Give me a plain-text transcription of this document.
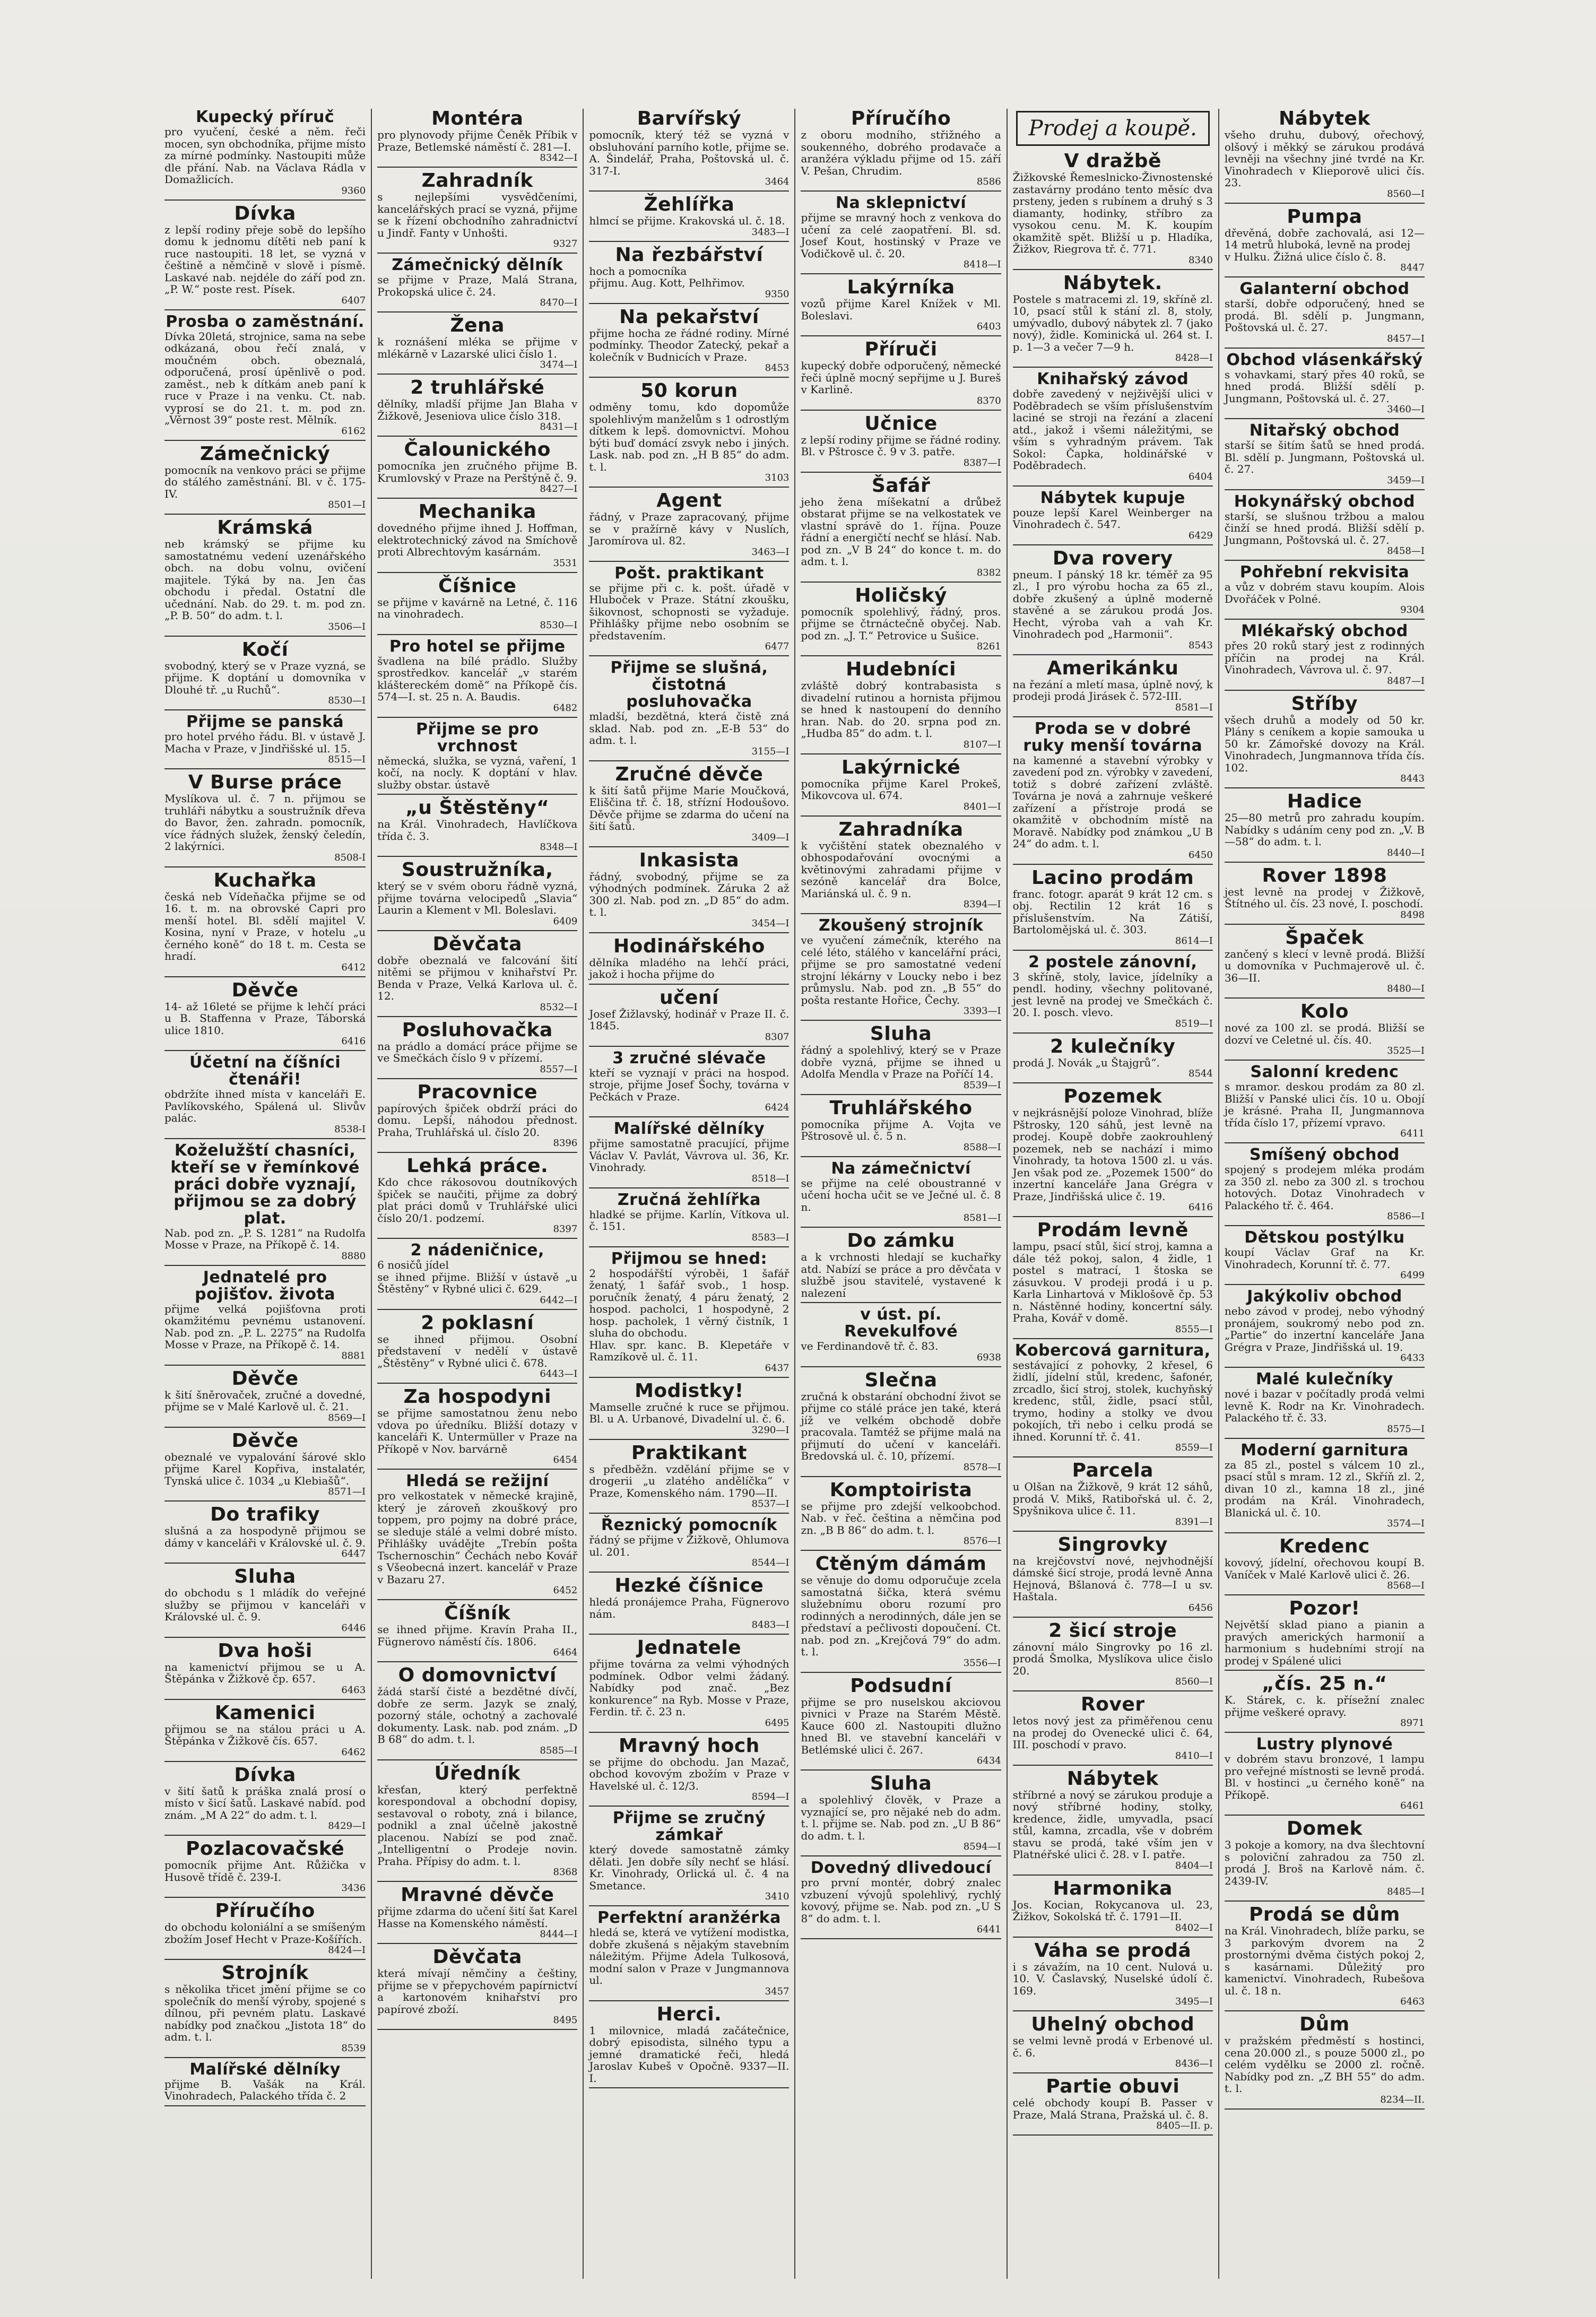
Kupecký příruč

pro vyučení, české a něm. řeči mocen, syn obchodníka, přijme místo za mírné podmínky. Nastoupiti může dle přání. Nab. na Václava Rádla v Domažlicích.

9360
Dívka

z lepší rodiny přeje sobě do lepšího domu k jednomu dítěti neb paní k ruce nastoupiti. 18 let, se vyzná v češtině a němčině v slově i písmě. Laskavé nab. nejdéle do září pod zn. „P. W.“ poste rest. Písek.

6407
Prosba o zaměstnání.

Dívka 20letá, strojnice, sama na sebe odkázaná, obou řečí znalá, v moučném obch. obeznalá, odporučená, prosí úpěnlivě o pod. zaměst., neb k dítkám aneb paní k ruce v Praze i na venku. Ct. nab. vyprosí se do 21. t. m. pod zn. „Věrnost 39“ poste rest. Mělník.

6162
Zámečnický

pomocník na venkovo práci se přijme do stálého zaměstnání. Bl. v č. 175-IV.

8501—I
Krámská

neb krámský se přijme ku samostatnému vedení uzenářského obch. na dobu volnu, ovičení majitele. Týká by na. Jen čas obchodu i předal. Ostatní dle učednání. Nab. do 29. t. m. pod zn. „P. B. 50“ do adm. t. l.

3506—I
Kočí

svobodný, který se v Praze vyzná, se přijme. K doptání u domovníka v Dlouhé tř. „u Ruchů“.

8530—I
Přijme se panská

pro hotel prvého řádu. Bl. v ústavě J. Macha v Praze, v Jindřišské ul. 15.

8515—I
V Burse práce

Myslíkova ul. č. 7 n. přijmou se truhláři nábytku a soustružník dřeva do Bavor, žen. zahradn. pomocník, více řádných služek, ženský čeledín, 2 lakýrníci.

8508-I
Kuchařka

česká neb Vídeňačka přijme se od 16. t. m. na obrovské Capri pro menší hotel. Bl. sdělí majitel V. Kosina, nyní v Praze, v hotelu „u černého koně“ do 18 t. m. Cesta se hradí.

6412
Děvče

14- až 16leté se přijme k lehčí práci u B. Staffenna v Praze, Táborská ulice 1810.

6416
Účetní na číšníci čtenáři!

obdržíte ihned místa v kanceláři E. Pavlíkovského, Spálená ul. Slivův palác.

8538-I
Koželužští chasníci, kteří se v řemínkové práci dobře vyznají, přijmou se za dobrý plat.

Nab. pod zn. „P. S. 1281“ na Rudolfa Mosse v Praze, na Příkopě č. 14.

8880
Jednatelé pro pojišťov. života

přijme velká pojišťovna proti okamžitému pevnému ustanovení. Nab. pod zn. „P. L. 2275“ na Rudolfa Mosse v Praze, na Příkopě č. 14.

8881
Děvče

k šití šněrovaček, zručné a dovedné, přijme se v Malé Karlově ul. č. 21.

8569—I
Děvče

obeznalé ve vypalování šárové sklo přijme Karel Kopřiva, instalatér, Tynská ulice č. 1034 „u Klebiašů“.

8571—I
Do trafiky

slušná a za hospodyně přijmou se dámy v kanceláři v Královské ul. č. 9.

6447
Sluha

do obchodu s 1 mládík do veřejné služby se přijmou v kanceláři v Královské ul. č. 9.

6446
Dva hoši

na kamenictví přijmou se u A. Štěpánka v Žižkově čp. 657.

6463
Kamenici

přijmou se na stálou práci u A. Štěpánka v Žižkově čís. 657.

6462
Dívka

v šití šatů k práška znalá prosí o místo v šicí šatů. Laskavé nabíd. pod znám. „M A 22“ do adm. t. l.

8429—I
Pozlacovačské

pomocník přijme Ant. Růžička v Husově třídě č. 239-I.

3436
Příručího

do obchodu koloniální a se smíšeným zbožím Josef Hecht v Praze-Košířích.

8424—I
Strojník

s několika třicet jmění přijme se co společník do menší výroby, spojené s dílnou, při pevném platu. Laskavé nabídky pod značkou „Jistota 18“ do adm. t. l.

8539
Malířské dělníky

přijme B. Vašák na Král. Vinohradech, Palackého třída č. 2

Montéra

pro plynovody přijme Čeněk Příbik v Praze, Betlemské náměstí č. 281—I.

8342—I
Zahradník

s nejlepšími vysvědčeními, kancelářských prací se vyzná, přijme se k řízení obchodního zahradnictví u Jindř. Fanty v Unhošti.

9327
Zámečnický dělník

se přijme v Praze, Malá Strana, Prokopská ulice č. 24.

8470—I
Žena

k roznášení mléka se přijme v mlékárně v Lazarské ulici číslo 1.

3474—I
2 truhlářské

dělníky, mladší přijme Jan Blaha v Žižkově, Jeseniova ulice číslo 318.

8431—I
Čalounického

pomocníka jen zručného přijme B. Krumlovský v Praze na Perštýně č. 9.

8427—I
Mechanika

dovedného přijme ihned J. Hoffman, elektrotechnický závod na Smíchově proti Albrechtovým kasárnám.

3531
Číšnice

se přijme v kavárně na Letné, č. 116 na vinohradech.

8530—I
Pro hotel se přijme

švadlena na bílé prádlo. Služby sprostředkov. kancelář „v starém kláštereckém domě“ na Příkopě čís. 574—I. st. 25 n. A. Baudis.

6482
Přijme se pro vrchnost

německá, služka, se vyzná, vaření, 1 kočí, na nocly. K doptání v hlav. služby obstar. ústavě

„u Štěstěny“

na Král. Vinohradech, Havlíčkova třída č. 3.

8348—I
Soustružníka,

který se v svém oboru řádně vyzná, přijme továrna velocipedů „Slavia“ Laurin a Klement v Ml. Boleslavi.

6409
Děvčata

dobře obeznalá ve falcování šití nitěmi se přijmou v knihařství Pr. Benda v Praze, Velká Karlova ul. č. 12.

8532—I
Posluhovačka

na prádlo a domácí práce přijme se ve Smečkách číslo 9 v přízemí.

8557—I
Pracovnice

papírových špiček obdrží práci do domu. Lepší, náhodou přednost. Praha, Truhlářská ul. číslo 20.

8396
Lehká práce.

Kdo chce rákosovou doutníkových špiček se naučiti, přijme za dobrý plat práci domů v Truhlářské ulici číslo 20/1. podzemí.

8397
2 nádeničnice,

6 nosičů jídel

se ihned přijme. Bližší v ústavě „u Štěstěny“ v Rybné ulici č. 629.

6442—I
2 poklasní

se ihned přijmou. Osobní představení v nedělí v ústavě „Štěstěny“ v Rybné ulici č. 678.

6443—I
Za hospodyni

se přijme samostatnou ženu nebo vdova po úředníku. Bližší dotazy v kanceláři K. Untermüller v Praze na Příkopě v Nov. barvárně

6454
Hledá se režijní

pro velkostatek v německé krajině, který je zároveň zkouškový pro toppem, pro pojmy na dobré práce, se sleduje stálé a velmi dobré místo. Přihlášky uvádějte „Trebín pošta Tschernoschin“ Čechách nebo Kovář s Všeobecná inzert. kancelář v Praze v Bazaru 27.

6452
Číšník

se ihned přijme. Kravín Praha II., Fügnerovo náměstí čís. 1806.

6464
O domovnictví

žádá starší čisté a bezdětné dívčí, dobře ze serm. Jazyk se znalý, pozorný stále, ochotný a zachovalé dokumenty. Lask. nab. pod znám. „D B 68“ do adm. t. l.

8585—I
Úředník

křesťan, který perfektně korespondoval a obchodní dopisy, sestavoval o roboty, zná i bilance, podnikl a znal účelně jakostně placenou. Nabízí se pod znač. „Intelligentní o Prodeje novin. Praha. Přípisy do adm. t. l.

8368
Mravné děvče

přijme zdarma do učení šití šat Karel Hasse na Komenského náměstí.

8444—I
Děvčata

která mívají němčiny a češtiny, přijme se v přepychovém papírnictví a kartonovém knihařství pro papírové zboží.

8495
Barvířský

pomocník, který též se vyzná v obsluhování parního kotle, přijme se. A. Šindelář, Praha, Poštovská ul. č. 317-I.

3464
Žehlířka

hlmcí se přijme. Krakovská ul. č. 18.

3483—I
Na řezbářství

hoch a pomocníka

přijmu. Aug. Kott, Pelhřimov.

9350
Na pekařství

přijme hocha ze řádné rodiny. Mírné podmínky. Theodor Zatecký, pekař a kolečník v Budnicích v Praze.

8453
50 korun

odměny tomu, kdo dopomůže spolehlivým manželům s 1 odrostlým dítkem k lepš. domovnictví. Mohou býti buď domácí zsvyk nebo i jiných. Lask. nab. pod zn. „H B 85“ do adm. t. l.

3103
Agent

řádný, v Praze zapracovaný, přijme se v pražírně kávy v Nuslích, Jaromírova ul. 82.

3463—I
Pošt. praktikant

se přijme při c. k. pošt. úřadě v Hluboček v Praze. Státní zkoušku, šikovnost, schopnosti se vyžaduje. Přihlášky přijme nebo osobním se představením.

6477
Přijme se slušná, čistotná posluhovačka

mladší, bezdětná, která čistě zná sklad. Nab. pod zn. „E-B 53“ do adm. t. l.

3155—I
Zručné děvče

k šití šatů přijme Marie Moučková, Eliščina tř. č. 18, střízní Hodoušovo. Děvče přijme se zdarma do učení na šití šatů.

3409—I
Inkasista

řádný, svobodný, přijme se za výhodných podmínek. Záruka 2 až 300 zl. Nab. pod zn. „D 85“ do adm. t. l.

3454—I
Hodinářského

dělníka mladého na lehčí práci, jakož i hocha přijme do

učení

Josef Žižlavský, hodinář v Praze II. č. 1845.

8307
3 zručné slévače

kteří se vyznají v práci na hospod. stroje, přijme Josef Šochy, továrna v Pečkách v Praze.

6424
Malířské dělníky

přijme samostatně pracující, přijme Václav V. Pavlát, Vávrova ul. 36, Kr. Vinohrady.

8518—I
Zručná žehlířka

hladké se přijme. Karlín, Vítkova ul. č. 151.

8583—I
Přijmou se hned:

2 hospodářští výroběi, 1 šafář ženatý, 1 šafář svob., 1 hosp. poručník ženatý, 4 páru ženatý, 2 hospod. pacholci, 1 hospodyně, 2 hosp. pacholek, 1 věrný čistník, 1 sluha do obchodu.

Hlav. spr. kanc. B. Klepetáře v Ramzíkově ul. č. 11.

6437
Modistky!

Mamselle zručné k ruce se přijmou. Bl. u A. Urbanové, Divadelní ul. č. 6.

3290—I
Praktikant

s předběžn. vzdělání přijme se v drogerii „u zlatého andělíčka“ v Praze, Komenského nám. 1790—II.

8537—I
Řeznický pomocník

řádný se přijme v Žižkově, Ohlumova ul. 201.

8544—I
Hezké číšnice

hledá pronájemce Praha, Fügnerovo nám.

8483—I
Jednatele

přijme továrna za velmi výhodných podmínek. Odbor velmi žádaný. Nabídky pod znač. „Bez konkurence“ na Ryb. Mosse v Praze, Ferdin. tř. č. 23 n.

6495
Mravný hoch

se přijme do obchodu. Jan Mazač, obchod kovovým zbožím v Praze v Havelské ul. č. 12/3.

8594—I
Přijme se zručný zámkař

který dovede samostatně zámky dělati. Jen dobře síly nechť se hlásí. Kr. Vinohrady, Orlická ul. č. 4 na Smetance.

3410
Perfektní aranžérka

hledá se, která ve vytížení modistka, dobře zkušená s nějakým stavebním náležitým. Přijme Adela Tulkosová, modní salon v Praze v Jungmannova ul.

3457
Herci.

1 milovnice, mladá začátečnice, dobrý episodista, silného typu a jemné dramatické řeči, hledá Jaroslav Kubeš v Opočně. 9337—II. I.

Příručího

z oboru modního, střižného a soukenného, dobrého prodavače a aranžéra výkladu přijme od 15. září V. Pešan, Chrudim.

8586
Na sklepnictví

přijme se mravný hoch z venkova do učení za celé zaopatření. Bl. sd. Josef Kout, hostinský v Praze ve Vodičkově ul. č. 20.

8418—I
Lakýrníka

vozů přijme Karel Knížek v Ml. Boleslavi.

6403
Příruči

kupecký dobře odporučený, německé řeči úplně mocný sepřijme u J. Bureš v Karlině.

8370
Učnice

z lepší rodiny přijme se řádné rodiny. Bl. v Pštrosce č. 9 v 3. patře.

8387—I
Šafář

jeho žena míšekatní a drůbež obstarat přijme se na velkostatek ve vlastní správě do 1. října. Pouze řádní a energičtí nechť se hlásí. Nab. pod zn. „V B 24“ do konce t. m. do adm. t. l.

8382
Holičský

pomocník spolehlivý, řádný, pros. přijme se čtrnáctečně obyčej. Nab. pod zn. „J. T.“ Petrovice u Sušice.

8261
Hudebníci

zvláště dobrý kontrabasista s divadelní rutinou a hornista přijmou se hned k nastoupení do denního hran. Nab. do 20. srpna pod zn. „Hudba 85“ do adm. t. l.

8107—I
Lakýrnické

pomocníka přijme Karel Prokeš, Mikovcova ul. 674.

8401—I
Zahradníka

k vyčištění statek obeznalého v obhospodařování ovocnými a květinovými zahradami přijme v sezóně kancelář dra Bolce, Mariánská ul. č. 9 n.

8394—I
Zkoušený strojník

ve vyučení zámečník, kterého na celé léto, stálého v kancelářní práci, přijme se pro samostatné vedení strojní lékárny v Loucky nebo i bez průmyslu. Nab. pod zn. „B 55“ do pošta restante Hořice, Čechy.

3393—I
Sluha

řádný a spolehlivý, který se v Praze dobře vyzná, přijme se ihned u Adolfa Mendla v Praze na Poříčí 14.

8539—I
Truhlářského

pomocníka přijme A. Vojta ve Pštrosově ul. č. 5 n.

8588—I
Na zámečnictví

se přijme na celé oboustranné v učení hocha učit se ve Ječné ul. č. 8 n.

8581—I
Do zámku

a k vrchnosti hledají se kuchařky atd. Nabízí se práce a pro děvčata v službě jsou stavitelé, vystavené k nalezení

v úst. pí. Revekulfové

ve Ferdinandově tř. č. 83.

6938
Slečna

zručná k obstarání obchodní život se přijme co stálé práce jen také, která jíž ve velkém obchodě dobře pracovala. Tamtéž se přijme malá na přijmutí do učení v kanceláři. Bredovská ul. č. 10, přízemí.

8578—I
Komptoirista

se přijme pro zdejší velkoobchod. Nab. v řeč. čeština a němčina pod zn. „B B 86“ do adm. t. l.

8576—I
Ctěným dámám

se věnuje do domu odporučuje zcela samostatná šička, která svému služebnímu oboru rozumí pro rodinných a nerodinných, dále jen se představí a pečlivosti dopoučení. Ct. nab. pod zn. „Krejčová 79“ do adm. t. l.

3556—I
Podsudní

přijme se pro nuselskou akciovou pivnici v Praze na Starém Městě. Kauce 600 zl. Nastoupiti dlužno hned Bl. ve stavební kanceláři v Betlémské ulici č. 267.

6434
Sluha

a spolehlivý člověk, v Praze a vyznající se, pro nějaké neb do adm. t. l. přijme se. Nab. pod zn. „U B 86“ do adm. t. l.

8594—I
Dovedný dlivedoucí

pro první montér, dobrý znalec vzbuzení vývojů spolehlivý, rychlý kovový, přijme se. Nab. pod zn. „U S 8“ do adm. t. l.

6441
Prodej a koupě.
V dražbě

Žižkovské Řemeslnicko-Živnostenské zastavárny prodáno tento měsíc dva prsteny, jeden s rubínem a druhý s 3 diamanty, hodinky, stříbro za vysokou cenu. M. K. koupím okamžitě spět. Bližší u p. Hladíka, Žižkov, Riegrova tř. č. 771.

8340
Nábytek.

Postele s matracemi zl. 19, skříně zl. 10, psací stůl k stání zl. 8, stoly, umývadlo, dubový nábytek zl. 7 (jako nový), židle. Kominická ul. 264 st. I. p. 1—3 a večer 7—9 h.

8428—I
Knihařský závod

dobře zavedený v nejživější ulici v Poděbradech se vším příslušenstvím laciné se stroji na řezání a zlacení atd., jakož i všemi náležitými, se vším s vyhradným právem. Tak Sokol: Čapka, holdinářské v Poděbradech.

6404
Nábytek kupuje

pouze lepší Karel Weinberger na Vinohradech č. 547.

6429
Dva rovery

pneum. I pánský 18 kr. téměř za 95 zl., I pro výrobu hocha za 65 zl., dobře zkušený a úplně moderně stavěné a se zárukou prodá Jos. Hecht, výroba vah a vah Kr. Vinohradech pod „Harmonii“.

8543
Amerikánku

na řezání a mletí masa, úplně nový, k prodeji prodá Jirásek č. 572-III.

8581—I
Proda se v dobré ruky menší továrna

na kamenné a stavební výrobky v zavedení pod zn. výrobky v zavedení, totiž s dobré zařízení zvláště. Továrna je nová a zahrnuje veškeré zařízení a přístroje prodá se okamžitě v obchodním místě na Moravě. Nabídky pod známkou „U B 24“ do adm. t. l.

6450
Lacino prodám

franc. fotogr. aparát 9 krát 12 cm. s obj. Rectilin 12 krát 16 s příslušenstvím. Na Zátiší, Bartolomějská ul. č. 303.

8614—I
2 postele zánovní,

3 skříně, stoly, lavice, jídelníky a pendl. hodiny, všechny politované, jest levně na prodej ve Smečkách č. 20. I. posch. vlevo.

8519—I
2 kulečníky

prodá J. Novák „u Štajgrů“.

8544
Pozemek

v nejkrásnější poloze Vinohrad, blíže Pštrosky, 120 sáhů, jest levně na prodej. Koupě dobře zaokrouhlený pozemek, neb se nachází i mimo Vinohrady, ta hotova 1500 zl. u vás. Jen však pod ze. „Pozemek 1500“ do inzertní kanceláře Jana Grégra v Praze, Jindřišská ulice č. 19.

6416
Prodám levně

lampu, psací stůl, šicí stroj, kamna a dále též pokoj, salon, 4 židle, 1 postel s matrací, 1 štoska se zásuvkou. V prodeji prodá i u p. Karla Linhartová v Miklošově čp. 53 n. Nástěnné hodiny, koncertní sály. Praha, Kovář v domě.

8555—I
Kobercová garnitura,

sestávající z pohovky, 2 křesel, 6 židlí, jídelní stůl, kredenc, šafonér, zrcadlo, šicí stroj, stolek, kuchyňský kredenc, stůl, židle, psací stůl, trymo, hodiny a stolky ve dvou pokojích, tři nebo i celku prodá se ihned. Korunní tř. č. 41.

8559—I
Parcela

u Olšan na Žižkově, 9 krát 12 sáhů, prodá V. Mikš, Ratibořská ul. č. 2, Spyšnikova ulice č. 11.

8391—I
Singrovky

na krejčovství nové, nejvhodnější dámské šicí stroje, prodá levně Anna Hejnová, Bšlanová č. 778—I u sv. Haštala.

6456
2 šicí stroje

zánovní málo Singrovky po 16 zl. prodá Šmolka, Myslíkova ulice čislo 20.

8560—I
Rover

letos nový jest za přiměřenou cenu na prodej do Ovenecké ulici č. 64, III. poschodí v pravo.

8410—I
Nábytek

stříbrné a nový se zárukou produje a nový stříbrné hodiny, stolky, kredence, židle, umyvadla, psací stůl, kamna, zrcadla, vše v dobrém stavu se prodá, také vším jen v Platnéřské ulici č. 28. v I. patře.

8404—I
Harmonika

Jos. Kocian, Rokycanova ul. 23, Žižkov, Sokolská tř. č. 1791—II.

8402—I
Váha se prodá

i s závažím, na 10 cent. Nulová u. 10. V. Časlavský, Nuselské údolí č. 169.

3495—I
Uhelný obchod

se velmi levně prodá v Erbenové ul. č. 6.

8436—I
Partie obuvi

celé obchody koupí B. Passer v Praze, Malá Strana, Pražská ul. č. 8.

8405—II. p.
Nábytek

všeho druhu, dubový, ořechový, olšový i měkký se zárukou prodává levněji na všechny jiné tvrdé na Kr. Vinohradech v Klieporově ulici čís. 23.

8560—I
Pumpa

dřevěná, dobře zachovalá, asi 12—14 metrů hluboká, levně na prodej

v Hulku. Žižná ulice číslo č. 8.

8447
Galanterní obchod

starší, dobře odporučený, hned se prodá. Bl. sdělí p. Jungmann, Poštovská ul. č. 27.

8457—I
Obchod vlásenkářský

s vohavkami, starý přes 40 roků, se hned prodá. Bližší sdělí p. Jungmann, Poštovská ul. č. 27.

3460—I
Nitařský obchod

starší se šitím šatů se hned prodá. Bl. sdělí p. Jungmann, Poštovská ul. č. 27.

3459—I
Hokynářský obchod

starší, se slušnou tržbou a malou činží se hned prodá. Bližší sdělí p. Jungmann, Poštovská ul. č. 27.

8458—I
Pohřební rekvisita

a vůz v dobrém stavu koupím. Alois Dvořáček v Polné.

9304
Mlékařský obchod

přes 20 roků starý jest z rodinných příčin na prodej na Král. Vinohradech, Vávrova ul. č. 97.

8487—I
Stříby

všech druhů a modely od 50 kr. Plány s ceníkem a kopie samouka u 50 kr. Zámořské dovozy na Král. Vinohradech, Jungmannova třída čís. 102.

8443
Hadice

25—80 metrů pro zahradu koupím. Nabídky s udáním ceny pod zn. „V. B—58“ do adm. t. l.

8440—I
Rover 1898

jest levně na prodej v Žižkově, Štítného ul. čís. 23 nové, I. poschodí.

8498
Špaček

zančený s klecí v levně prodá. Bližší u domovníka v Puchmajerově ul. č. 36—II.

8480—I
Kolo

nové za 100 zl. se prodá. Bližší se dozví ve Celetné ul. čís. 40.

3525—I
Salonní kredenc

s mramor. deskou prodám za 80 zl. Bližší v Panské ulici čís. 10 u. Obojí je krásné. Praha II, Jungmannova třída číslo 17, přízemí vpravo.

6411
Smíšený obchod

spojený s prodejem mléka prodám za 350 zl. nebo za 300 zl. s trochou hotových. Dotaz Vinohradech v Palackého tř. č. 464.

8586—I
Dětskou postýlku

koupí Václav Graf na Kr. Vinohradech, Korunní tř. č. 77.

6499
Jakýkoliv obchod

nebo závod v prodej, nebo výhodný pronájem, soukromý nebo pod zn. „Partie“ do inzertní kanceláře Jana Grégra v Praze, Jindřišská ul. 19.

6433
Malé kulečníky

nové i bazar v počítadly prodá velmi levně K. Rodr na Kr. Vinohradech. Palackého tř. č. 33.

8575—I
Moderní garnitura

za 85 zl., postel s válcem 10 zl., psací stůl s mram. 12 zl., Skříň zl. 2, divan 10 zl., kamna 18 zl., jiné prodám na Král. Vinohradech, Blanická ul. č. 10.

3574—I
Kredenc

kovový, jídelní, ořechovou koupí B. Vaníček v Malé Karlově ulici č. 26.

8568—I
Pozor!

Největší sklad piano a pianin a pravých amerických harmonií a harmonium s hudebními strojí na prodej v Spálené ulici

„čís. 25 n.“

K. Stárek, c. k. přísežní znalec přijme veškeré opravy.

8971
Lustry plynové

v dobrém stavu bronzové, 1 lampu pro veřejné místnosti se levně prodá. Bl. v hostinci „u černého koně“ na Příkopě.

6461
Domek

3 pokoje a komory, na dva šlechtovní s poloviční zahradou za 750 zl. prodá J. Broš na Karlově nám. č. 2439-IV.

8485—I
Prodá se dům

na Král. Vinohradech, blíže parku, se 3 parkovým dvorem na 2 prostornými dvěma čistých pokoj 2, s kasárnami. Důležitý pro kamenictví. Vinohradech, Rubešova ul. č. 18 n.

6463
Dům

v pražském předměstí s hostinci, cena 20.000 zl., s pouze 5000 zl., po celém vydělku se 2000 zl. ročně. Nabídky pod zn. „Z BH 55“ do adm. t. l.

8234—II.
